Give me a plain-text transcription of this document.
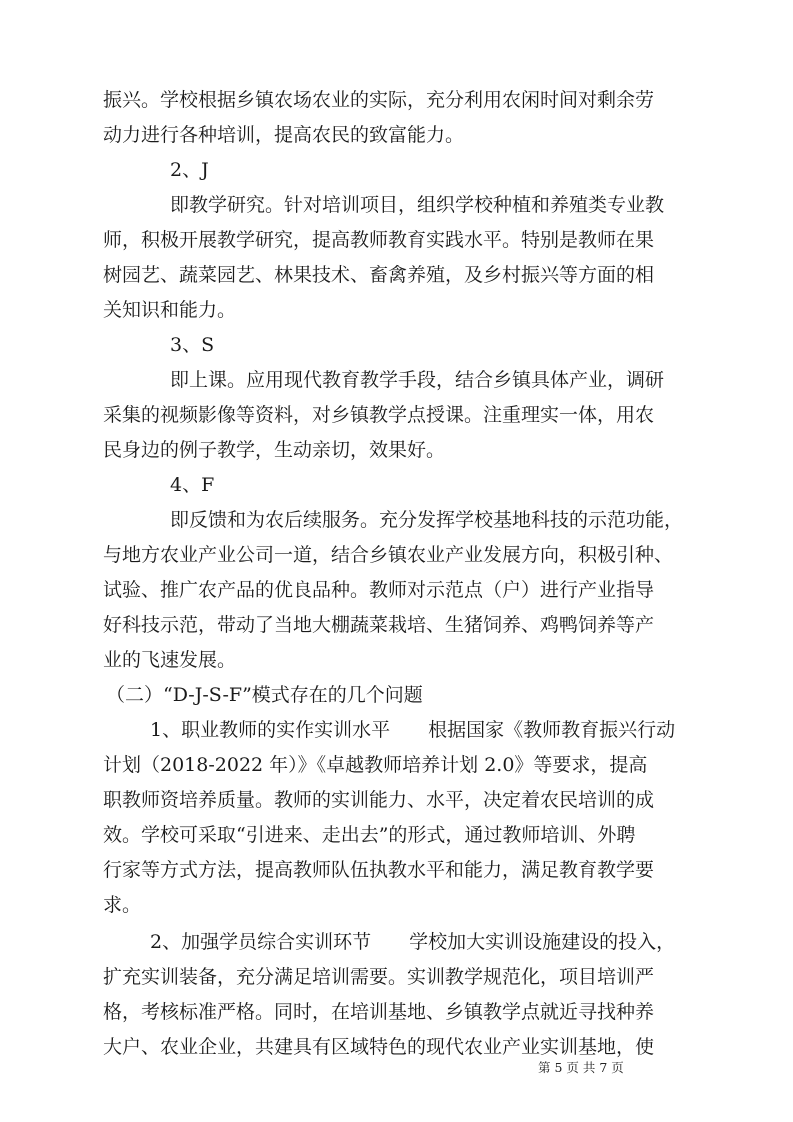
振兴。学校根据乡镇农场农业的实际，充分利用农闲时间对剩余劳
动力进行各种培训，提高农民的致富能力。
2、J
即教学研究。针对培训项目，组织学校种植和养殖类专业教
师，积极开展教学研究，提高教师教育实践水平。特别是教师在果
树园艺、蔬菜园艺、林果技术、畜禽养殖，及乡村振兴等方面的相
关知识和能力。
3、S
即上课。应用现代教育教学手段，结合乡镇具体产业，调研
采集的视频影像等资料，对乡镇教学点授课。注重理实一体，用农
民身边的例子教学，生动亲切，效果好。
4、F
即反馈和为农后续服务。充分发挥学校基地科技的示范功能，
与地方农业产业公司一道，结合乡镇农业产业发展方向，积极引种、
试验、推广农产品的优良品种。教师对示范点（户）进行产业指导
好科技示范，带动了当地大棚蔬菜栽培、生猪饲养、鸡鸭饲养等产
业的飞速发展。
（二）“D-J-S-F”模式存在的几个问题
1、职业教师的实作实训水平　　根据国家《教师教育振兴行动
计划（2018-2022 年）》《卓越教师培养计划 2.0》等要求，提高
职教师资培养质量。教师的实训能力、水平，决定着农民培训的成
效。学校可采取“引进来、走出去”的形式，通过教师培训、外聘
行家等方式方法，提高教师队伍执教水平和能力，满足教育教学要
求。
第 5 页 共 7 页
2、加强学员综合实训环节　　学校加大实训设施建设的投入，
扩充实训装备，充分满足培训需要。实训教学规范化，项目培训严
格，考核标准严格。同时，在培训基地、乡镇教学点就近寻找种养
大户、农业企业，共建具有区域特色的现代农业产业实训基地，使
